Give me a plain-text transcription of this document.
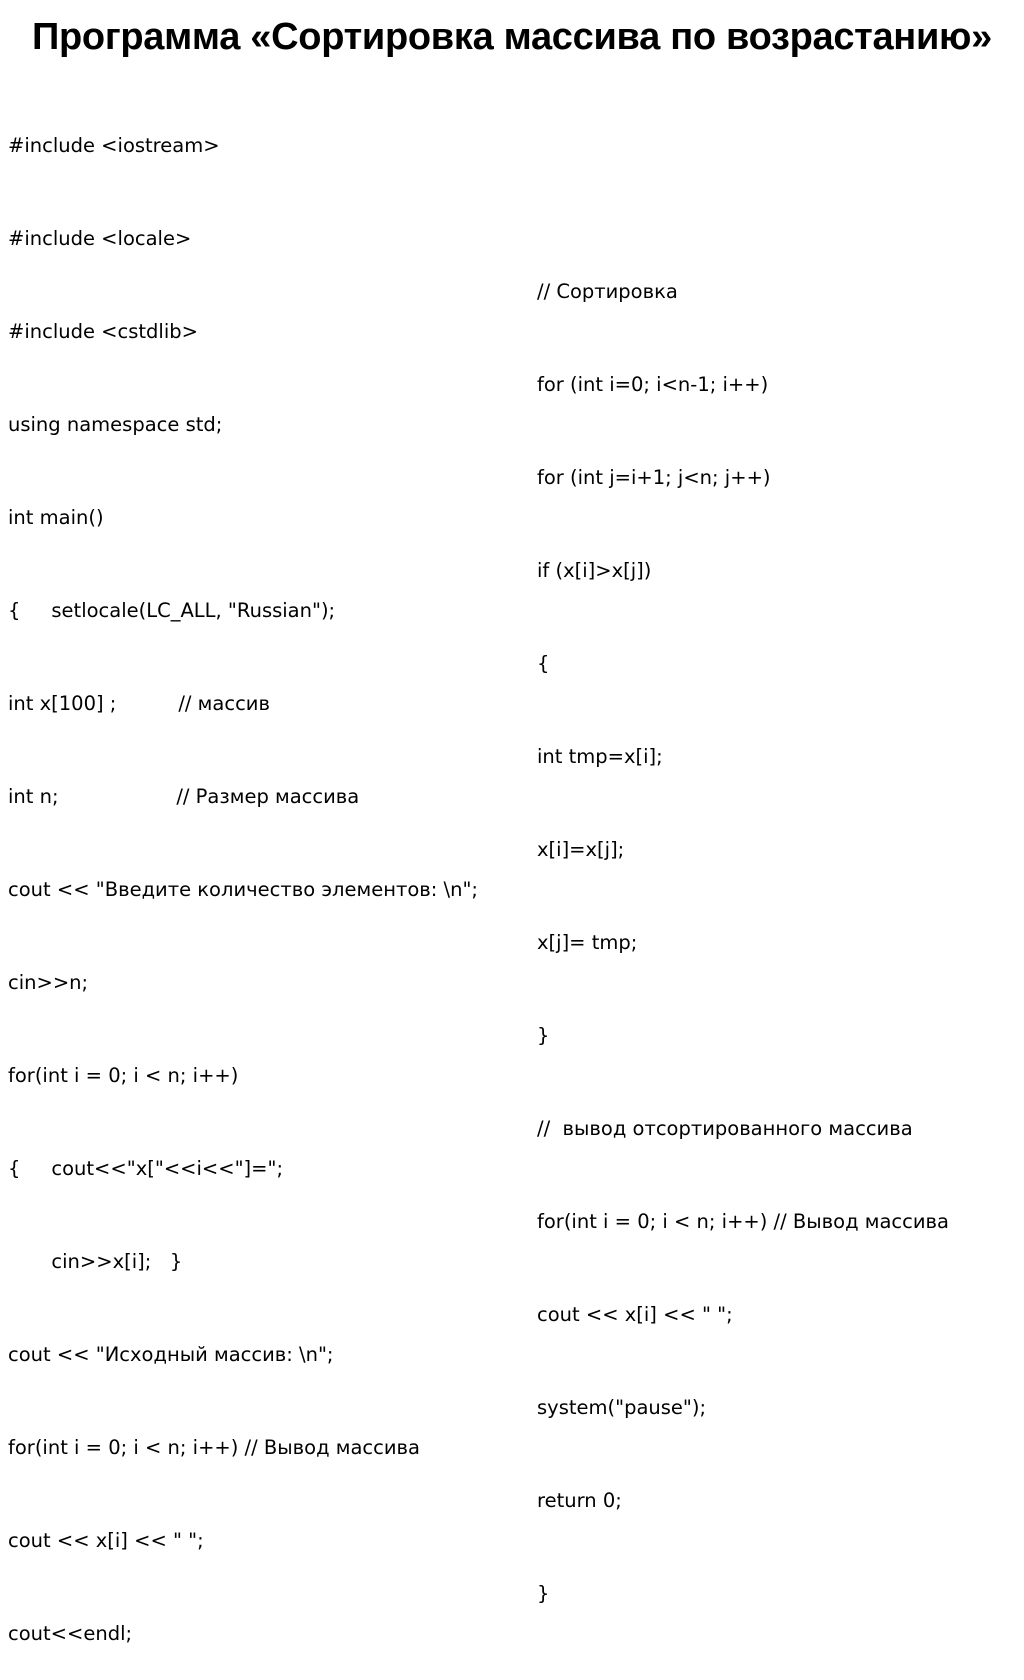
Программа «Сортировка массива по возрастанию»

#include <iostream>

#include <locale>

#include <cstdlib>

using namespace std;

int main()

{     setlocale(LC_ALL, "Russian");

int x[100] ;          // массив

int n;                   // Размер массива

cout << "Введите количество элементов: \n";

cin>>n;

for(int i = 0; i < n; i++)

{     cout<<"x["<<i<<"]=";

cin>>x[i];   }

cout << "Исходный массив: \n";

for(int i = 0; i < n; i++) // Вывод массива

cout << x[i] << " ";

cout<<endl;

// Сортировка

for (int i=0; i<n-1; i++)

for (int j=i+1; j<n; j++)

if (x[i]>x[j])

{

int tmp=x[i];

x[i]=x[j];

x[j]= tmp;

}

//  вывод отсортированного массива

for(int i = 0; i < n; i++) // Вывод массива

cout << x[i] << " ";

system("pause");

return 0;

}
